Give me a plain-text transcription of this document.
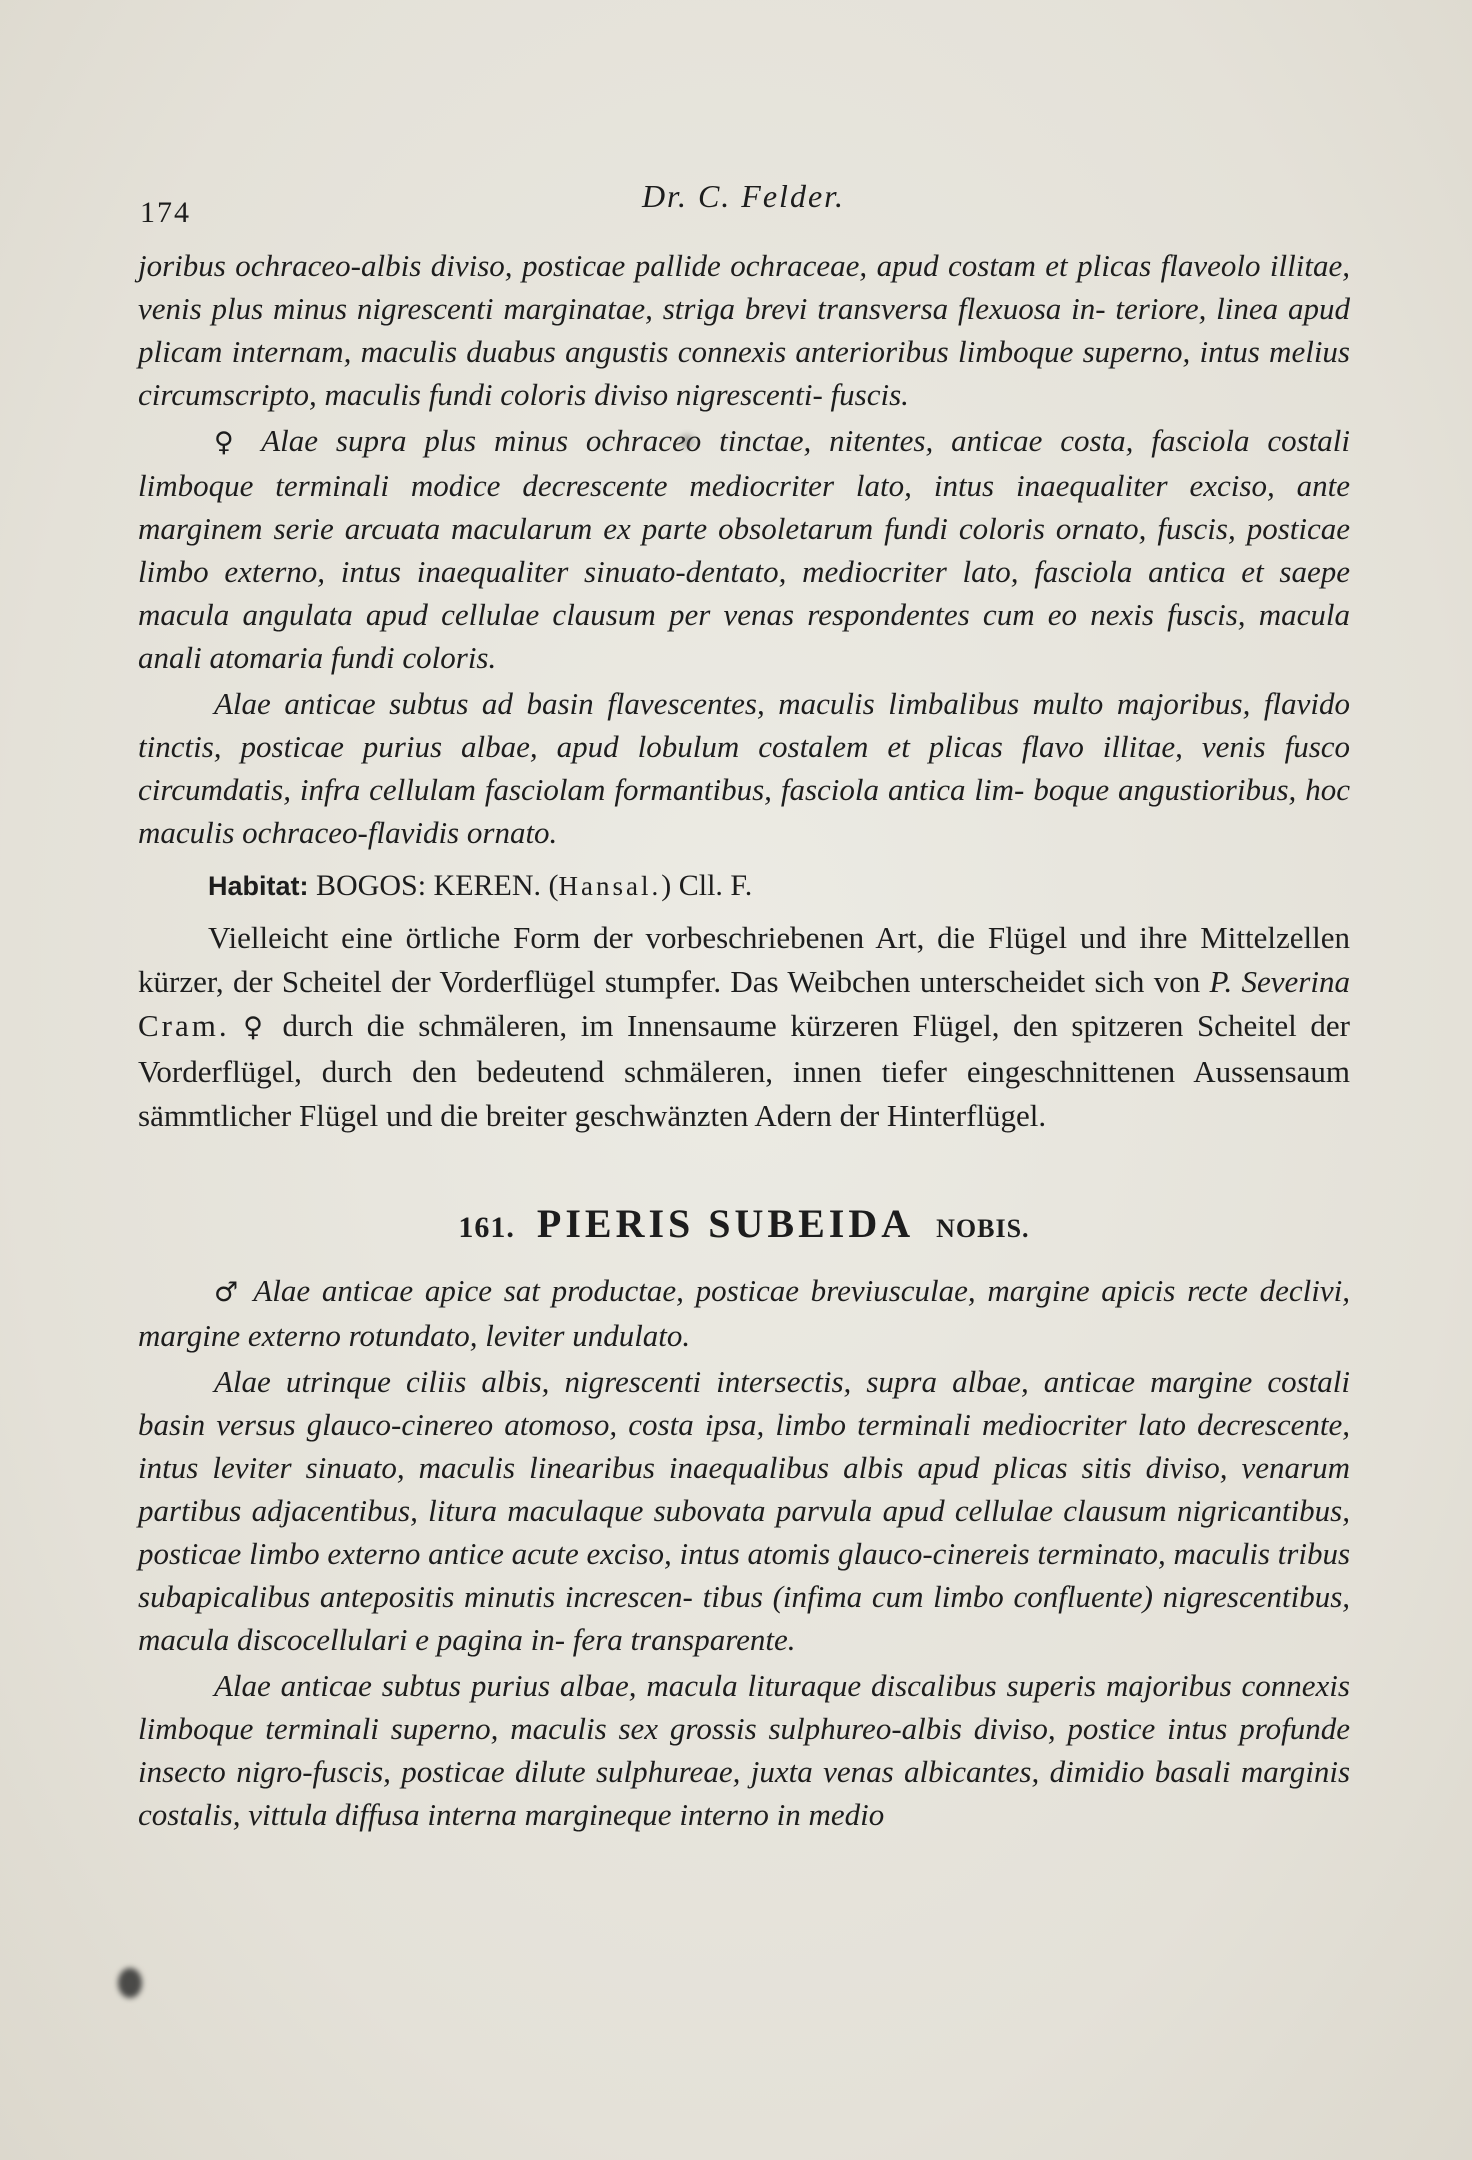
174	Dr. C. Felder.

joribus ochraceo-albis diviso, posticae pallide ochraceae, apud costam et plicas flaveolo illitae, venis plus minus nigrescenti marginatae, striga brevi transversa flexuosa in- teriore, linea apud plicam internam, maculis duabus angustis connexis anterioribus limboque superno, intus melius circumscripto, maculis fundi coloris diviso nigrescenti- fuscis.

♀ Alae supra plus minus ochraceo tinctae, nitentes, anticae costa, fasciola costali limboque terminali modice decrescente mediocriter lato, intus inaequaliter exciso, ante marginem serie arcuata macularum ex parte obsoletarum fundi coloris ornato, fuscis, posticae limbo externo, intus inaequaliter sinuato-dentato, mediocriter lato, fasciola antica et saepe macula angulata apud cellulae clausum per venas respondentes cum eo nexis fuscis, macula anali atomaria fundi coloris.

Alae anticae subtus ad basin flavescentes, maculis limbalibus multo majoribus, flavido tinctis, posticae purius albae, apud lobulum costalem et plicas flavo illitae, venis fusco circumdatis, infra cellulam fasciolam formantibus, fasciola antica lim- boque angustioribus, hoc maculis ochraceo-flavidis ornato.

Habitat: BOGOS: KEREN. (Hansal.) Cll. F.

Vielleicht eine örtliche Form der vorbeschriebenen Art, die Flügel und ihre Mittelzellen kürzer, der Scheitel der Vorderflügel stumpfer. Das Weibchen unterscheidet sich von P. Severina Cram. ♀ durch die schmäleren, im Innensaume kürzeren Flügel, den spitzeren Scheitel der Vorderflügel, durch den bedeutend schmäleren, innen tiefer eingeschnittenen Aussensaum sämmtlicher Flügel und die breiter geschwänzten Adern der Hinterflügel.

161. PIERIS SUBEIDA NOBIS.

♂ Alae anticae apice sat productae, posticae breviusculae, margine apicis recte declivi, margine externo rotundato, leviter undulato.

Alae utrinque ciliis albis, nigrescenti intersectis, supra albae, anticae margine costali basin versus glauco-cinereo atomoso, costa ipsa, limbo terminali mediocriter lato decrescente, intus leviter sinuato, maculis linearibus inaequalibus albis apud plicas sitis diviso, venarum partibus adjacentibus, litura maculaque subovata parvula apud cellulae clausum nigricantibus, posticae limbo externo antice acute exciso, intus atomis glauco-cinereis terminato, maculis tribus subapicalibus antepositis minutis increscen- tibus (infima cum limbo confluente) nigrescentibus, macula discocellulari e pagina in- fera transparente.

Alae anticae subtus purius albae, macula lituraque discalibus superis majoribus connexis limboque terminali superno, maculis sex grossis sulphureo-albis diviso, postice intus profunde insecto nigro-fuscis, posticae dilute sulphureae, juxta venas albicantes, dimidio basali marginis costalis, vittula diffusa interna margineque interno in medio
